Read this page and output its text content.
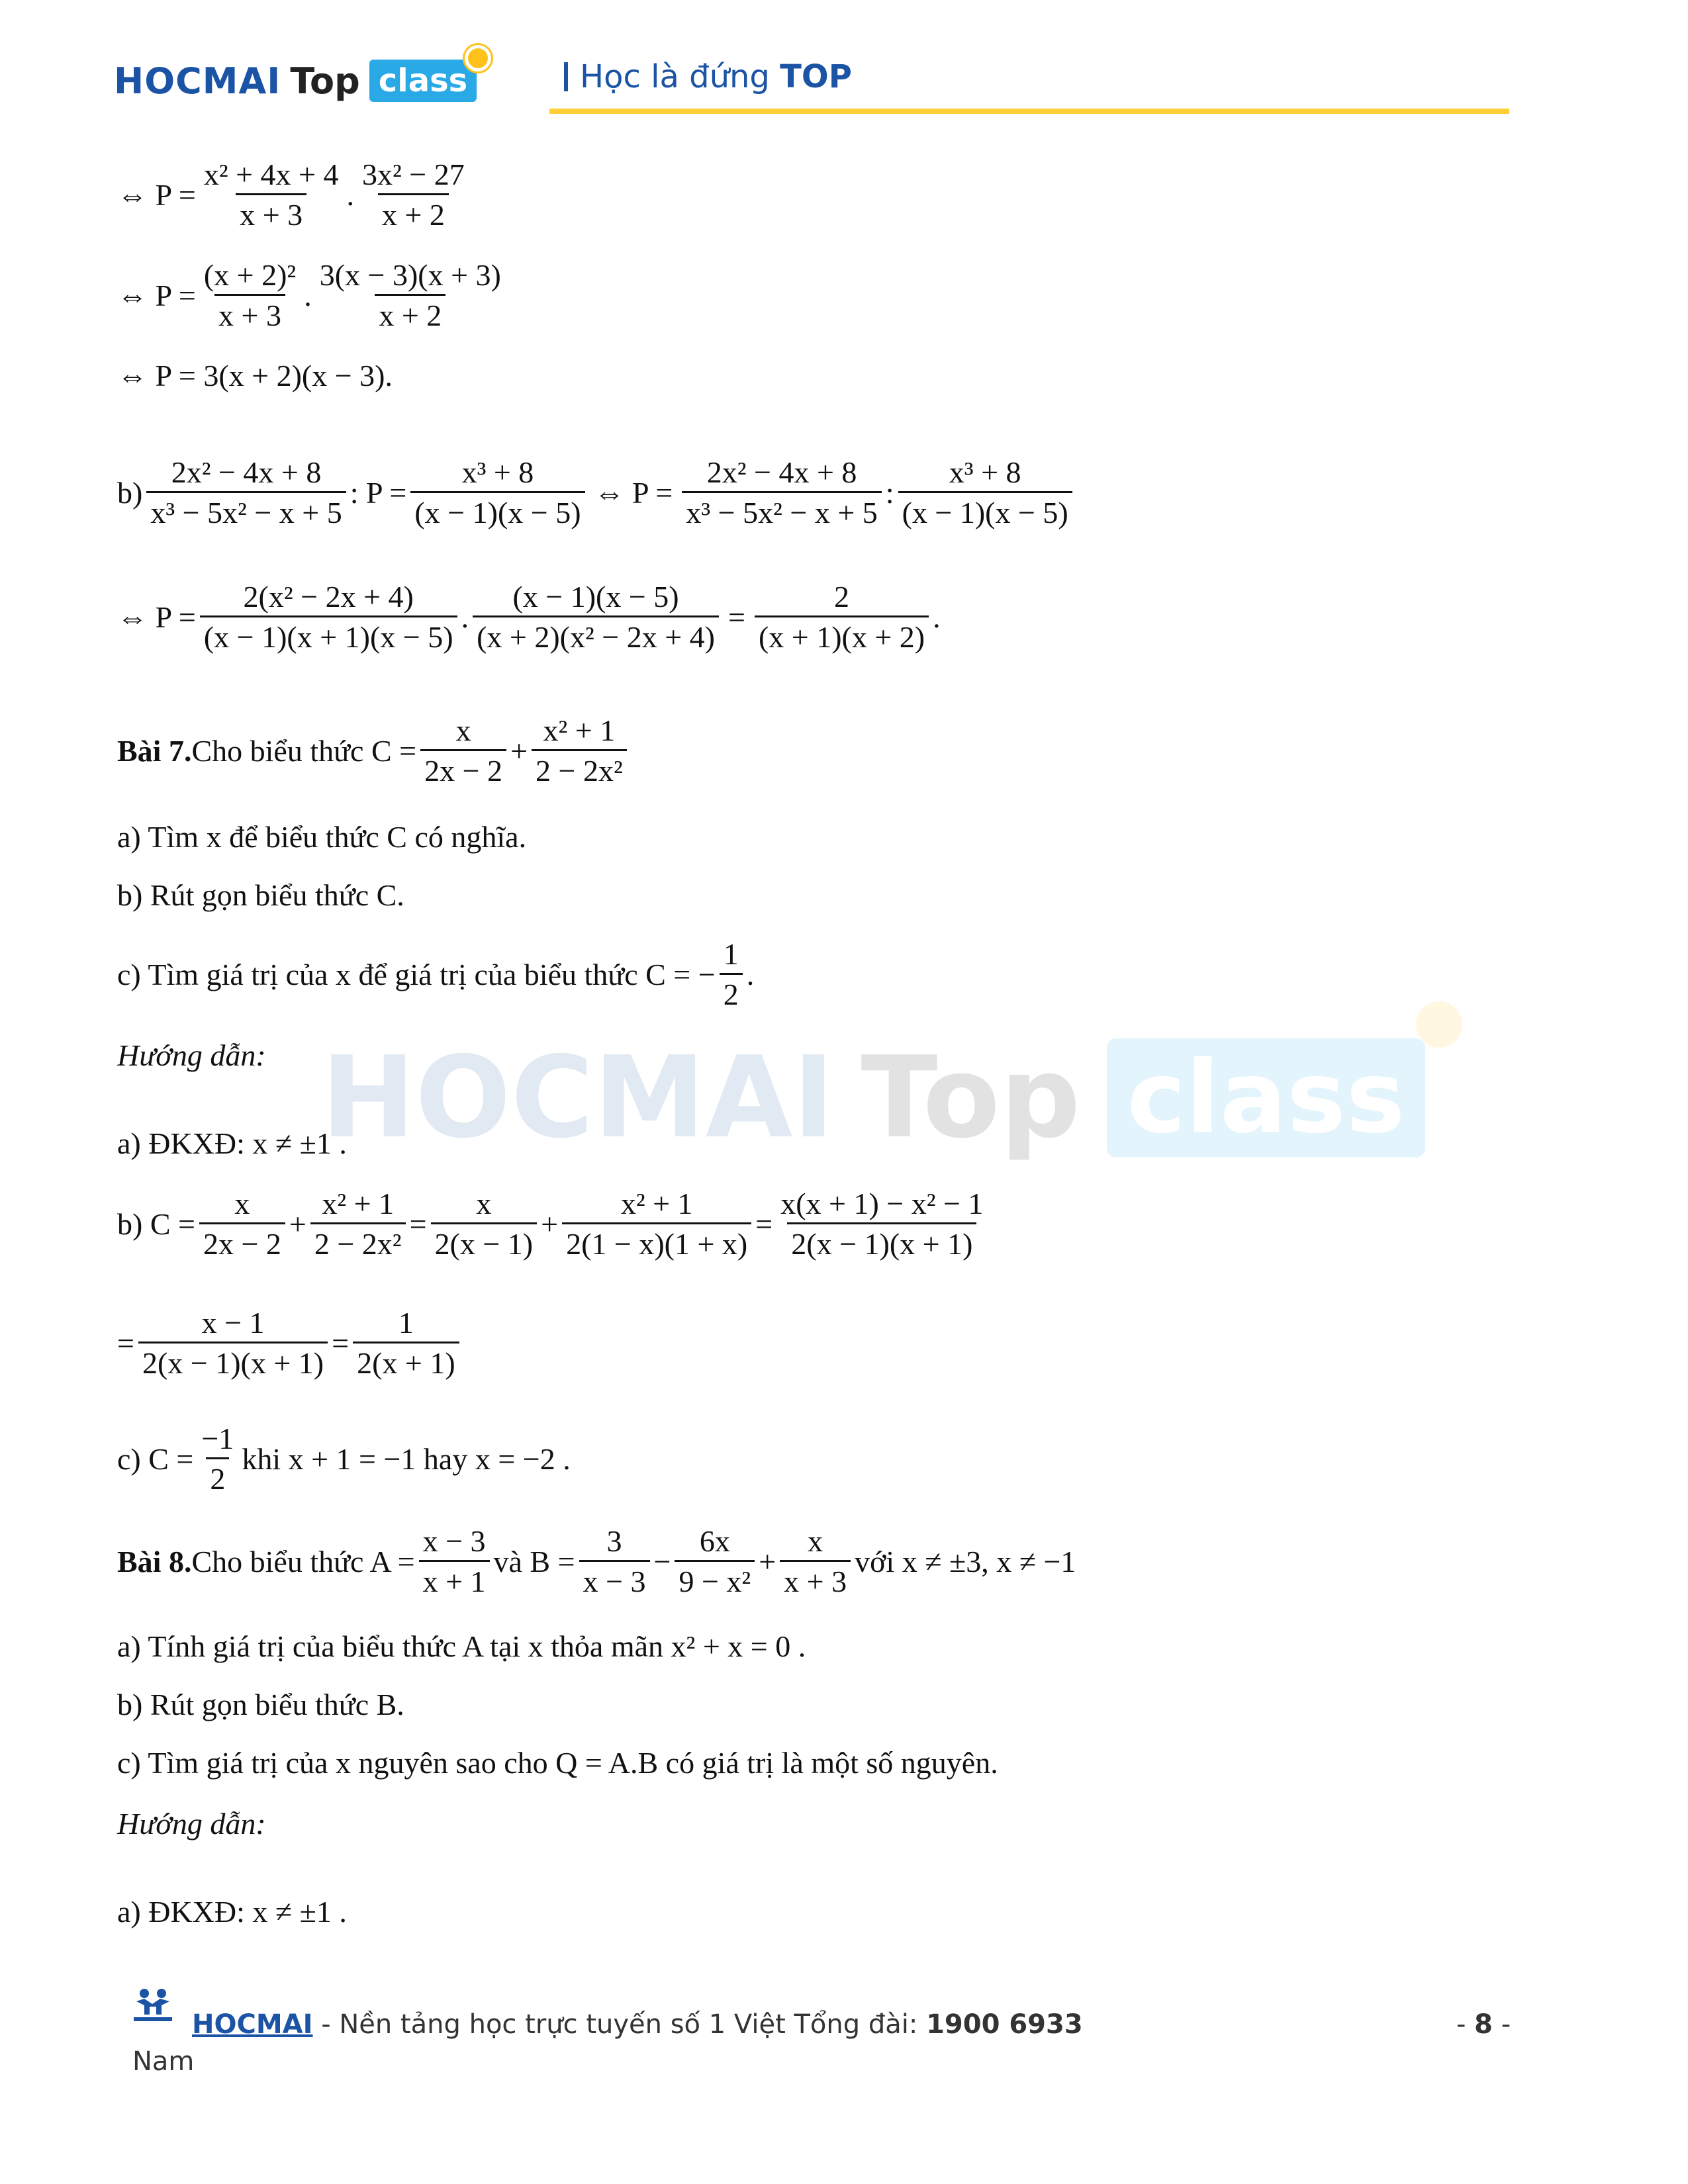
HOCMAI Top class	Học là đứng TOP
HOCMAI Top class
⇔ $P = \frac{\text{x² + 4x + 4}}{x + 3}$ . $\frac{\text{3x² − 27}}{x + 2}$
⇔ $P = \frac{\text{(x + 2)²}}{x + 3}$ . $\frac{3(x - 3)(x + 3)}{x + 2}$
⇔ P = 3(x + 2)(x − 3).
$b) \frac{\text{2x² − 4x + 8}}{\text{x³ − 5x² − x + 5}}$ : $P = \frac{\text{x³ + 8}}{(x - 1)(x - 5)}$ ⇔ $P = \frac{\text{2x² − 4x + 8}}{\text{x³ − 5x² − x + 5}}$ : $\frac{\text{x³ + 8}}{(x - 1)(x - 5)}$
⇔ $P = \frac{\text{2(x² − 2x + 4)}}{(x - 1)(x + 1)(x - 5)}$ . $\frac{(x - 1)(x - 5)}{\text{(x + 2)(x² − 2x + 4)}} = \frac{2}{(x + 1)(x + 2)}$ .
Bài 7. Cho biểu thức $C = \frac{x}{2x - 2} + \frac{\text{x² + 1}}{\text{2 − 2x²}}$
a) Tìm x để biểu thức C có nghĩa.
b) Rút gọn biểu thức C.
c) Tìm giá trị của x để giá trị của biểu thức C = − $\frac{1}{2}$ .
Hướng dẫn:
a) ĐKXĐ: x ≠ ±1 .
b) $C = \frac{x}{2x - 2} + \frac{\text{x² + 1}}{\text{2 − 2x²}} = \frac{x}{2(x - 1)} + \frac{\text{x² + 1}}{2(1 - x)(1 + x)} = \frac{\text{x(x + 1) − x² − 1}}{2(x - 1)(x + 1)}$
= $\frac{x - 1}{2(x - 1)(x + 1)} = \frac{1}{2(x + 1)}$
c) $C = \frac{-1}{2}$ khi x + 1 = −1 hay x = −2 .
Bài 8. Cho biểu thức $A = \frac{x - 3}{x + 1}$ và $B = \frac{3}{x - 3} - \frac{6x}{\text{9 − x²}} + \frac{x}{x + 3}$ với x ≠ ±3, x ≠ −1
a) Tính giá trị của biểu thức A tại x thỏa mãn x² + x = 0 .
b) Rút gọn biểu thức B.
c) Tìm giá trị của x nguyên sao cho Q = A.B có giá trị là một số nguyên.
Hướng dẫn:
a) ĐKXĐ: x ≠ ±1 .
HOCMAI - Nền tảng học trực tuyến số 1 Việt Tổng đài: 1900 6933
Nam
- 8 -
